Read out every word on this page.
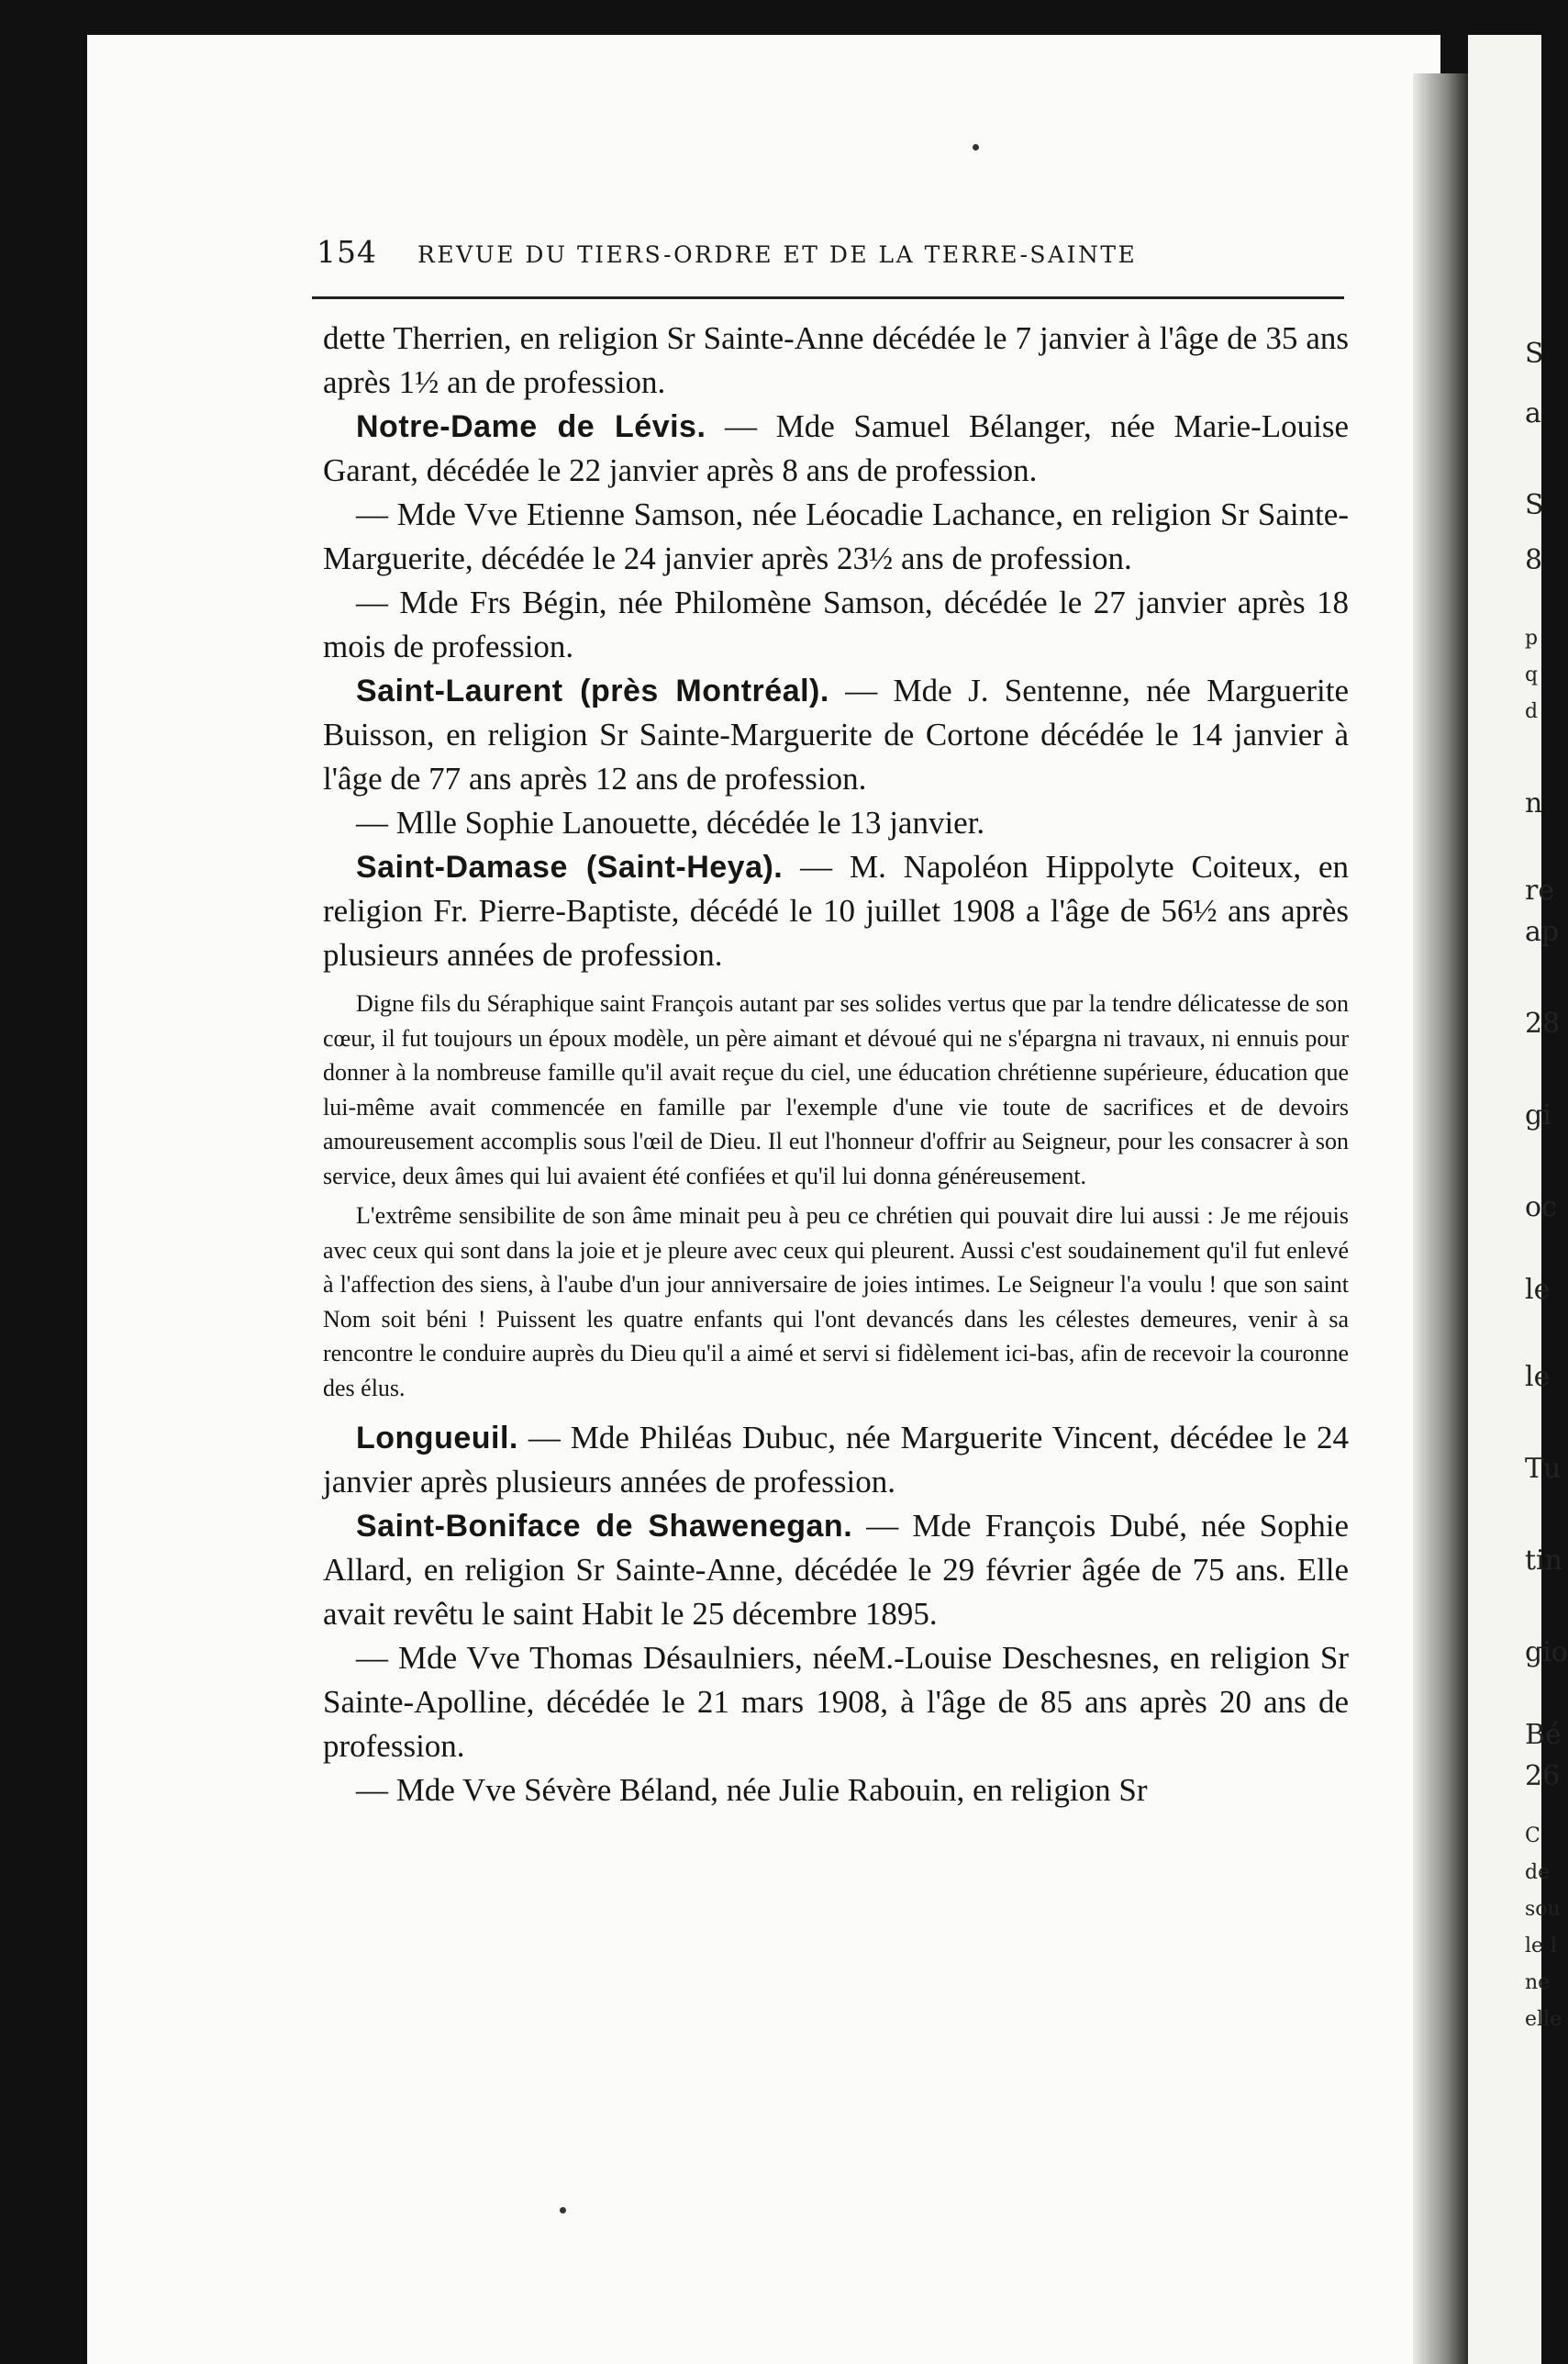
S
a
S
8
p
q
d
n
re
ap
28
gi
oc
le
le
Tu
tin
gio
Bé
26
C
de
sou
le I
ne
elle
154 REVUE DU TIERS-ORDRE ET DE LA TERRE-SAINTE

dette Therrien, en religion Sr Sainte-Anne décédée le 7 janvier à l'âge de 35 ans après 1½ an de profession.

Notre-Dame de Lévis. — Mde Samuel Bélanger, née Marie-Louise Garant, décédée le 22 janvier après 8 ans de profession.

— Mde Vve Etienne Samson, née Léocadie Lachance, en religion Sr Sainte-Marguerite, décédée le 24 janvier après 23½ ans de profession.

— Mde Frs Bégin, née Philomène Samson, décédée le 27 janvier après 18 mois de profession.

Saint-Laurent (près Montréal). — Mde J. Sentenne, née Marguerite Buisson, en religion Sr Sainte-Marguerite de Cortone décédée le 14 janvier à l'âge de 77 ans après 12 ans de profession.

— Mlle Sophie Lanouette, décédée le 13 janvier.

Saint-Damase (Saint-Heya). — M. Napoléon Hippolyte Coiteux, en religion Fr. Pierre-Baptiste, décédé le 10 juillet 1908 a l'âge de 56½ ans après plusieurs années de profession.

Digne fils du Séraphique saint François autant par ses solides vertus que par la tendre délicatesse de son cœur, il fut toujours un époux modèle, un père aimant et dévoué qui ne s'épargna ni travaux, ni ennuis pour donner à la nombreuse famille qu'il avait reçue du ciel, une éducation chrétienne supérieure, éducation que lui-même avait commencée en famille par l'exemple d'une vie toute de sacrifices et de devoirs amoureusement accomplis sous l'œil de Dieu. Il eut l'honneur d'offrir au Seigneur, pour les consacrer à son service, deux âmes qui lui avaient été confiées et qu'il lui donna généreusement.

L'extrême sensibilite de son âme minait peu à peu ce chrétien qui pouvait dire lui aussi : Je me réjouis avec ceux qui sont dans la joie et je pleure avec ceux qui pleurent. Aussi c'est soudainement qu'il fut enlevé à l'affection des siens, à l'aube d'un jour anniversaire de joies intimes. Le Seigneur l'a voulu ! que son saint Nom soit béni ! Puissent les quatre enfants qui l'ont devancés dans les célestes demeures, venir à sa rencontre le conduire auprès du Dieu qu'il a aimé et servi si fidèlement ici-bas, afin de recevoir la couronne des élus.

Longueuil. — Mde Philéas Dubuc, née Marguerite Vincent, décédee le 24 janvier après plusieurs années de profession.

Saint-Boniface de Shawenegan. — Mde François Dubé, née Sophie Allard, en religion Sr Sainte-Anne, décédée le 29 février âgée de 75 ans. Elle avait revêtu le saint Habit le 25 décembre 1895.

— Mde Vve Thomas Désaulniers, néeM.-Louise Deschesnes, en religion Sr Sainte-Apolline, décédée le 21 mars 1908, à l'âge de 85 ans après 20 ans de profession.

— Mde Vve Sévère Béland, née Julie Rabouin, en religion Sr
